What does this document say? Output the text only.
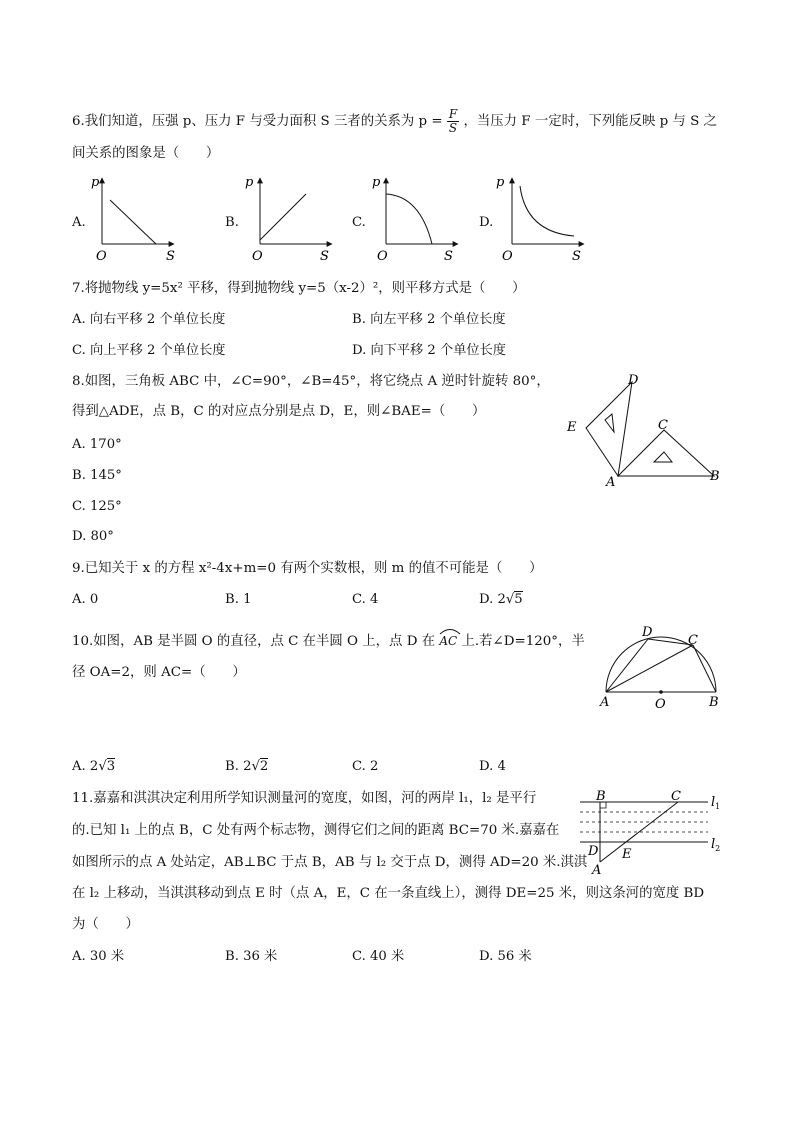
6.我们知道，压强 p、压力 F 与受力面积 S 三者的关系为 $p = \frac{F}{S}$ ，当压力 F 一定时，下列能反映 p 与 S 之
间关系的图象是（　　）
A.	B.	C.	D.
p
S
O
p
S
O
p
S
O
p
S
O
7.将抛物线 y=5x² 平移，得到抛物线 y=5（x-2）²，则平移方式是（　　）
A. 向右平移 2 个单位长度	B. 向左平移 2 个单位长度
C. 向上平移 2 个单位长度	D. 向下平移 2 个单位长度
8.如图，三角板 ABC 中，∠C=90°，∠B=45°，将它绕点 A 逆时针旋转 80°，
得到△ADE，点 B，C 的对应点分别是点 D，E，则∠BAE=（　　）
A. 170°
B. 145°
C. 125°
D. 80°
D
E	C
A	B
9.已知关于 x 的方程 x²-4x+m=0 有两个实数根，则 m 的值不可能是（　　）
A. 0	B. 1	C. 4	D. 2√5
10.如图，AB 是半圆 O 的直径，点 C 在半圆 O 上，点 D 在 AC 上.若∠D=120°，半
径 OA=2，则 AC=（　　）
A. 2√3	B. 2√2	C. 2	D. 4
D
C
A	O	B
11.嘉嘉和淇淇决定利用所学知识测量河的宽度，如图，河的两岸 l₁，l₂ 是平行
的.已知 l₁ 上的点 B，C 处有两个标志物，测得它们之间的距离 BC=70 米.嘉嘉在
如图所示的点 A 处站定，AB⊥BC 于点 B，AB 与 l₂ 交于点 D，测得 AD=20 米.淇淇
在 l₂ 上移动，当淇淇移动到点 E 时（点 A，E，C 在一条直线上），测得 DE=25 米，则这条河的宽度 BD
为（　　）
A. 30 米	B. 36 米	C. 40 米	D. 56 米
B	C
D E
A
$l_1$
$l_2$
